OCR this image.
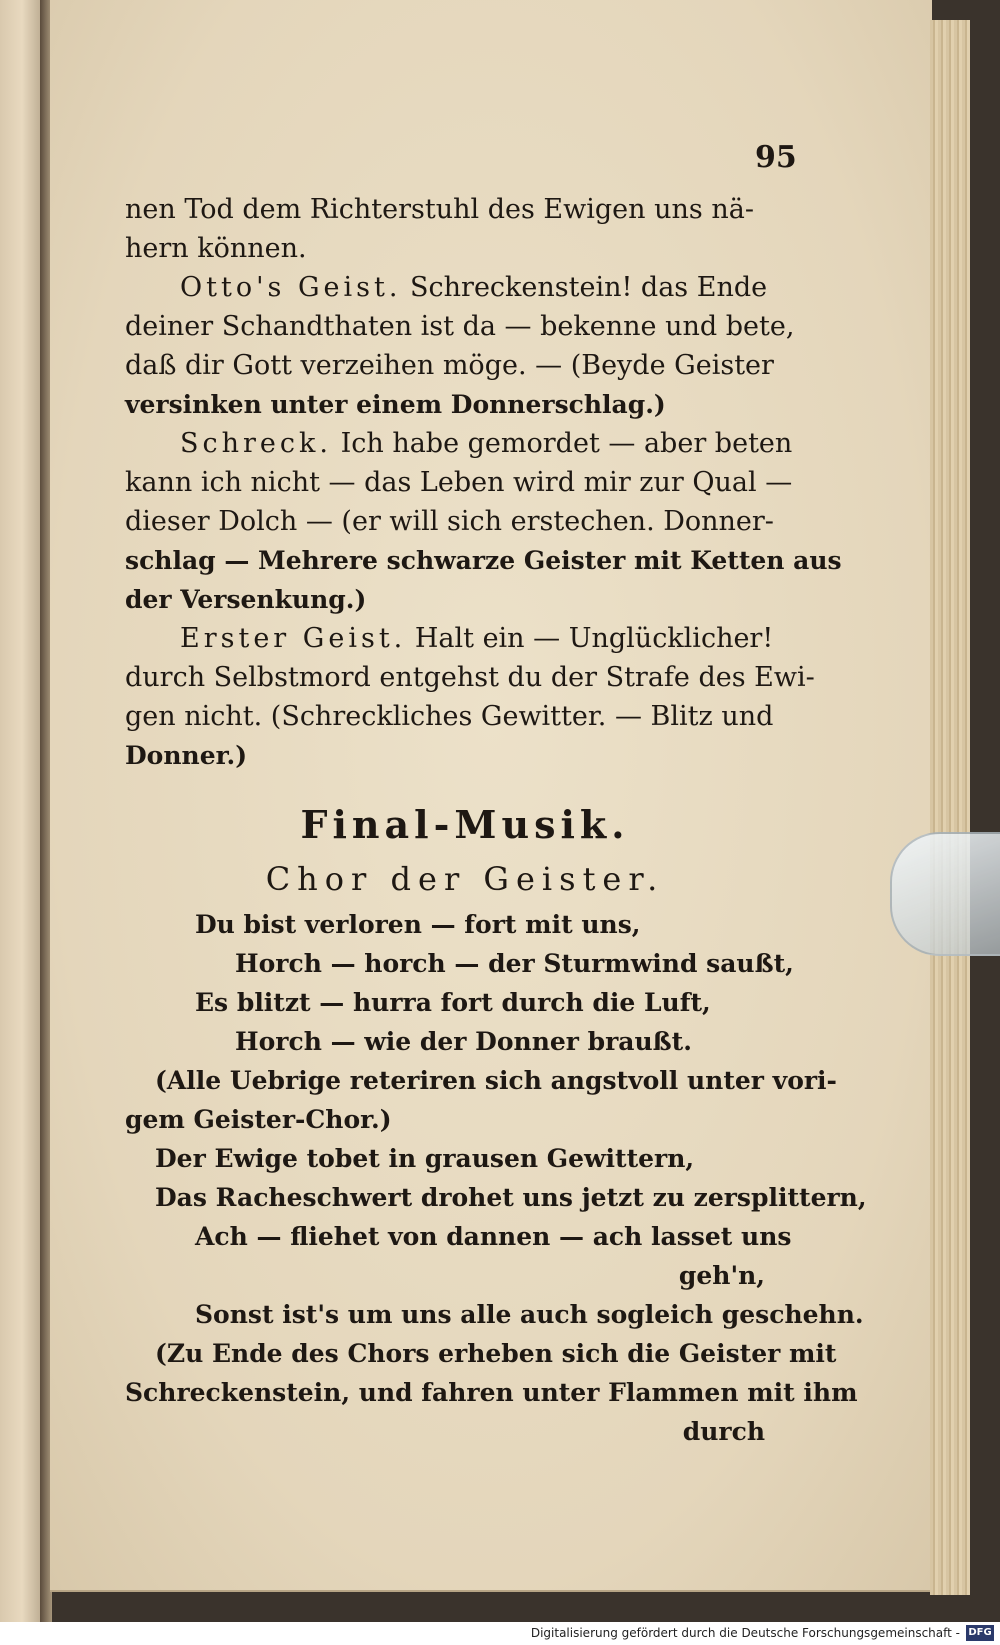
95
nen Tod dem Richterstuhl des Ewigen uns nä-
hern können.
Otto's Geist. Schreckenstein! das Ende
deiner Schandthaten ist da — bekenne und bete,
daß dir Gott verzeihen möge. — (Beyde Geister
versinken unter einem Donnerschlag.)
Schreck. Ich habe gemordet — aber beten
kann ich nicht — das Leben wird mir zur Qual —
dieser Dolch — (er will sich erstechen. Donner-
schlag — Mehrere schwarze Geister mit Ketten aus
der Versenkung.)
Erster Geist. Halt ein — Unglücklicher!
durch Selbstmord entgehst du der Strafe des Ewi-
gen nicht. (Schreckliches Gewitter. — Blitz und
Donner.)
Final-Musik.
Chor der Geister.
Du bist verloren — fort mit uns,
Horch — horch — der Sturmwind saußt,
Es blitzt — hurra fort durch die Luft,
Horch — wie der Donner braußt.
(Alle Uebrige reteriren sich angstvoll unter vori-
gem Geister-Chor.)
Der Ewige tobet in grausen Gewittern,
Das Racheschwert drohet uns jetzt zu zersplittern,
Ach — fliehet von dannen — ach lasset uns
geh'n,
Sonst ist's um uns alle auch sogleich geschehn.
(Zu Ende des Chors erheben sich die Geister mit
Schreckenstein, und fahren unter Flammen mit ihm
durch
Digitalisierung gefördert durch die Deutsche Forschungsgemeinschaft - DFG
